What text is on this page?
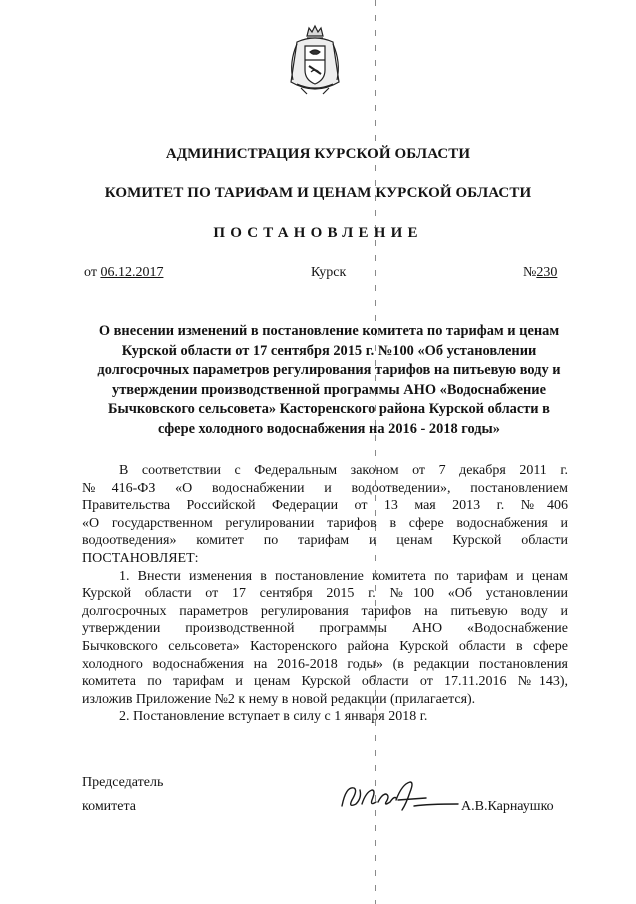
АДМИНИСТРАЦИЯ КУРСКОЙ ОБЛАСТИ
КОМИТЕТ ПО ТАРИФАМ И ЦЕНАМ КУРСКОЙ ОБЛАСТИ
ПОСТАНОВЛЕНИЕ
от 06.12.2017	Курск	№230
О внесении изменений в постановление комитета по тарифам и ценам
Курской области от 17 сентября 2015 г. №100 «Об установлении
долгосрочных параметров регулирования тарифов на питьевую воду и
утверждении производственной программы АНО «Водоснабжение
Бычковского сельсовета» Касторенского района Курской области в
сфере холодного водоснабжения на 2016 - 2018 годы»
В соответствии с Федеральным законом от 7 декабря 2011 г.
№416-ФЗ «О водоснабжении и водоотведении», постановлением
Правительства Российской Федерации от 13 мая 2013 г. №406
«О государственном регулировании тарифов в сфере водоснабжения и
водоотведения» комитет по тарифам и ценам Курской области
ПОСТАНОВЛЯЕТ:
1. Внести изменения в постановление комитета по тарифам и ценам
Курской области от 17 сентября 2015 г. №100 «Об установлении
долгосрочных параметров регулирования тарифов на питьевую воду и
утверждении производственной программы АНО «Водоснабжение
Бычковского сельсовета» Касторенского района Курской области в сфере
холодного водоснабжения на 2016-2018 годы» (в редакции постановления
комитета по тарифам и ценам Курской области от 17.11.2016 №143),
изложив Приложение №2 к нему в новой редакции (прилагается).
2. Постановление вступает в силу с 1 января 2018 г.
Председатель
комитета	А.В.Карнаушко
